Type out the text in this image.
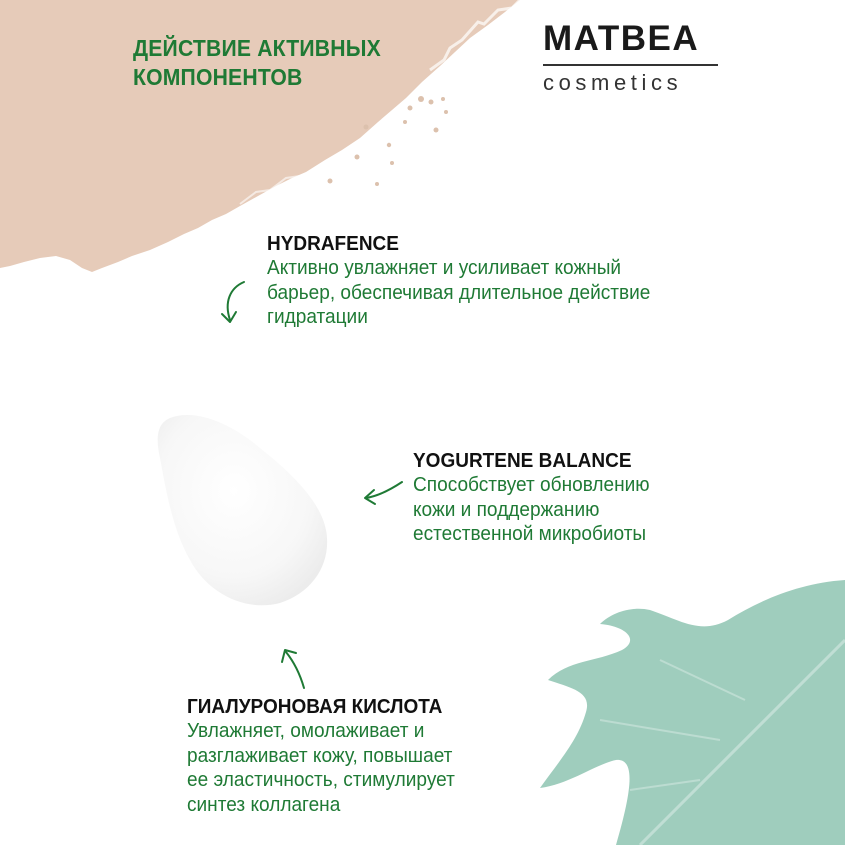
ДЕЙСТВИЕ АКТИВНЫХ
КОМПОНЕНТОВ
MATBEA
cosmetics
HYDRAFENCE
Активно увлажняет и усиливает кожный
барьер, обеспечивая длительное действие
гидратации
YOGURTENE BALANCE
Способствует обновлению
кожи и поддержанию
естественной микробиоты
ГИАЛУРОНОВАЯ КИСЛОТА
Увлажняет, омолаживает и
разглаживает кожу, повышает
ее эластичность, стимулирует
синтез коллагена
